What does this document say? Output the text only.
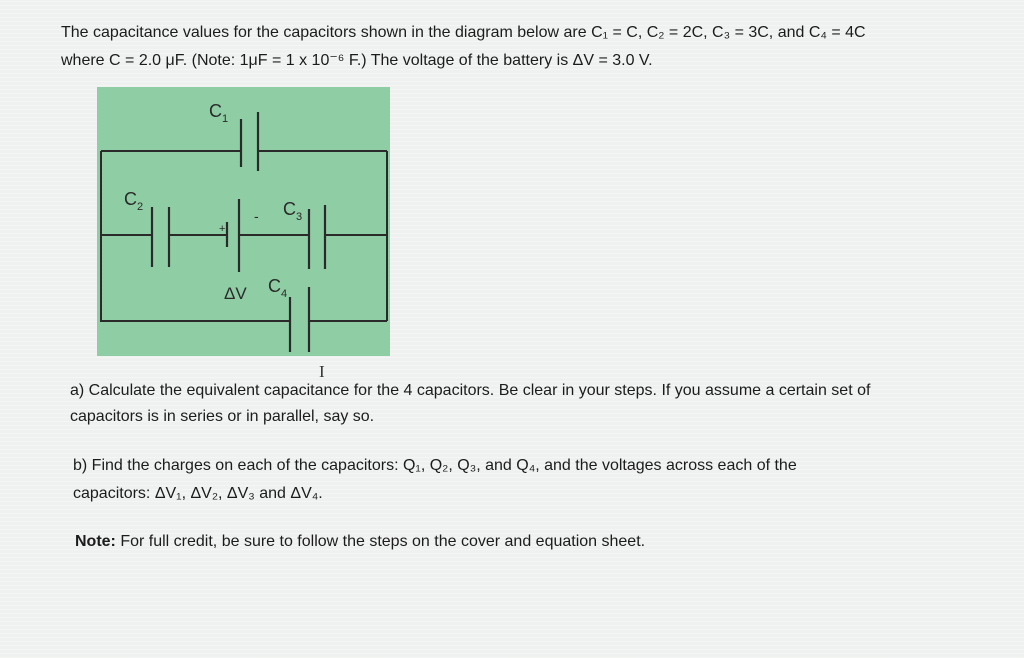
The capacitance values for the capacitors shown in the diagram below are C₁ = C, C₂ = 2C, C₃ = 3C, and C₄ = 4C
where C = 2.0 μF. (Note: 1μF = 1 x 10⁻⁶ F.) The voltage of the battery is ΔV = 3.0 V.
$C_1$
$C_2$	$C_3$
$C_4$
+
-
ΔV
I
a) Calculate the equivalent capacitance for the 4 capacitors. Be clear in your steps. If you assume a certain set of
capacitors is in series or in parallel, say so.
b) Find the charges on each of the capacitors: Q₁, Q₂, Q₃, and Q₄, and the voltages across each of the
capacitors: ΔV₁, ΔV₂, ΔV₃ and ΔV₄.
Note: For full credit, be sure to follow the steps on the cover and equation sheet.
